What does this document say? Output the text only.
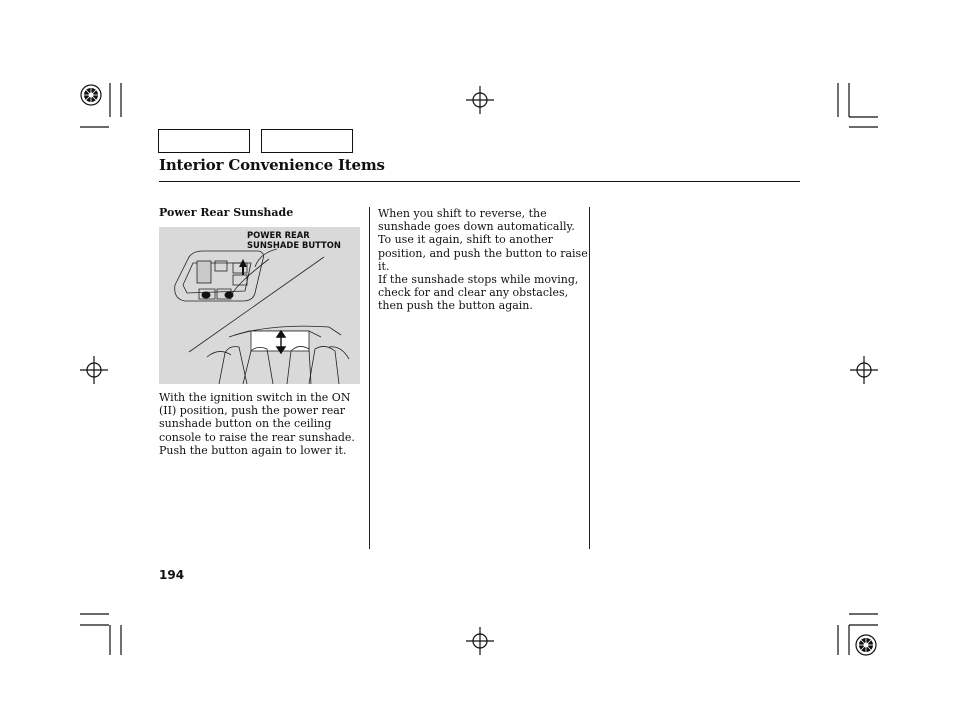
Interior Convenience Items
Power Rear Sunshade
POWER REAR
SUNSHADE BUTTON
With the ignition switch in the ON
(II) position, push the power rear
sunshade button on the ceiling
console to raise the rear sunshade.
Push the button again to lower it.
When you shift to reverse, the
sunshade goes down automatically.
To use it again, shift to another
position, and push the button to raise
it.
If the sunshade stops while moving,
check for and clear any obstacles,
then push the button again.
194
